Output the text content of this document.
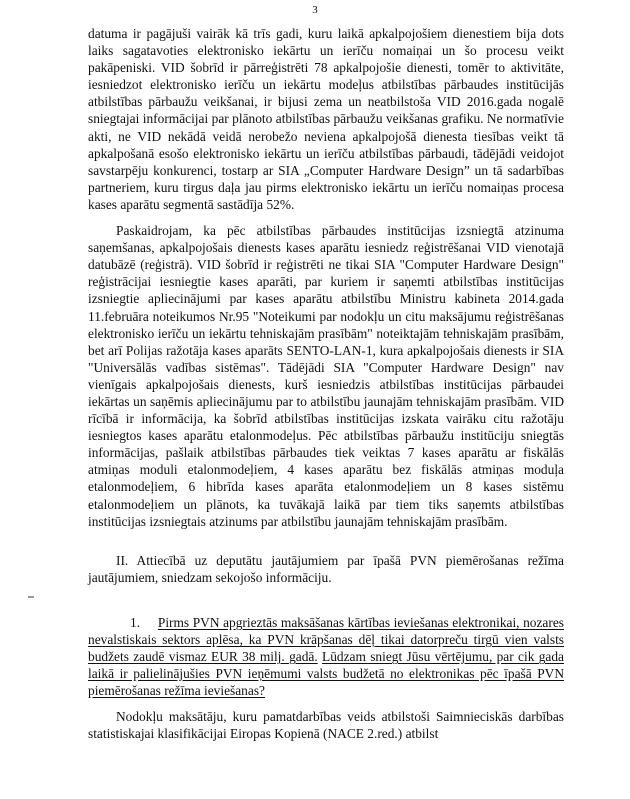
3

datuma ir pagājuši vairāk kā trīs gadi, kuru laikā apkalpojošiem dienestiem bija dots laiks sagatavoties elektronisko iekārtu un ierīču nomaiņai un šo procesu veikt pakāpeniski. VID šobrīd ir pārreģistrēti 78 apkalpojošie dienesti, tomēr to aktivitāte, iesniedzot elektronisko ierīču un iekārtu modeļus atbilstības pārbaudes institūcijās atbilstības pārbaužu veikšanai, ir bijusi zema un neatbilstoša VID 2016.gada nogalē sniegtajai informācijai par plānoto atbilstības pārbaužu veikšanas grafiku. Ne normatīvie akti, ne VID nekādā veidā nerobežo neviena apkalpojošā dienesta tiesības veikt tā apkalpošanā esošo elektronisko iekārtu un ierīču atbilstības pārbaudi, tādējādi veidojot savstarpēju konkurenci, tostarp ar SIA „Computer Hardware Design” un tā sadarbības partneriem, kuru tirgus daļa jau pirms elektronisko iekārtu un ierīču nomaiņas procesa kases aparātu segmentā sastādīja 52%.

Paskaidrojam, ka pēc atbilstības pārbaudes institūcijas izsniegtā atzinuma saņemšanas, apkalpojošais dienests kases aparātu iesniedz reģistrēšanai VID vienotajā datubāzē (reģistrā). VID šobrīd ir reģistrēti ne tikai SIA "Computer Hardware Design" reģistrācijai iesniegtie kases aparāti, par kuriem ir saņemti atbilstības institūcijas izsniegtie apliecinājumi par kases aparātu atbilstību Ministru kabineta 2014.gada 11.februāra noteikumos Nr.95 "Noteikumi par nodokļu un citu maksājumu reģistrēšanas elektronisko ierīču un iekārtu tehniskajām prasībām" noteiktajām tehniskajām prasībām, bet arī Polijas ražotāja kases aparāts SENTO-LAN-1, kura apkalpojošais dienests ir SIA "Universālās vadības sistēmas". Tādējādi SIA "Computer Hardware Design" nav vienīgais apkalpojošais dienests, kurš iesniedzis atbilstības institūcijas pārbaudei iekārtas un saņēmis apliecinājumu par to atbilstību jaunajām tehniskajām prasībām. VID rīcībā ir informācija, ka šobrīd atbilstības institūcijas izskata vairāku citu ražotāju iesniegtos kases aparātu etalonmodeļus. Pēc atbilstības pārbaužu institūciju sniegtās informācijas, pašlaik atbilstības pārbaudes tiek veiktas 7 kases aparātu ar fiskālās atmiņas moduli etalonmodeļiem, 4 kases aparātu bez fiskālās atmiņas moduļa etalonmodeļiem, 6 hibrīda kases aparāta etalonmodeļiem un 8 kases sistēmu etalonmodeļiem un plānots, ka tuvākajā laikā par tiem tiks saņemts atbilstības institūcijas izsniegtais atzinums par atbilstību jaunajām tehniskajām prasībām.

II. Attiecībā uz deputātu jautājumiem par īpašā PVN piemērošanas režīma jautājumiem, sniedzam sekojošo informāciju.

1. Pirms PVN apgrieztās maksāšanas kārtības ieviešanas elektronikai, nozares nevalstiskais sektors aplēsa, ka PVN krāpšanas dēļ tikai datorpreču tirgū vien valsts budžets zaudē vismaz EUR 38 milj. gadā. Lūdzam sniegt Jūsu vērtējumu, par cik gada laikā ir palielinājušies PVN ieņēmumi valsts budžetā no elektronikas pēc īpašā PVN piemērošanas režīma ieviešanas?

Nodokļu maksātāju, kuru pamatdarbības veids atbilstoši Saimnieciskās darbības statistiskajai klasifikācijai Eiropas Kopienā (NACE 2.red.) atbilst
